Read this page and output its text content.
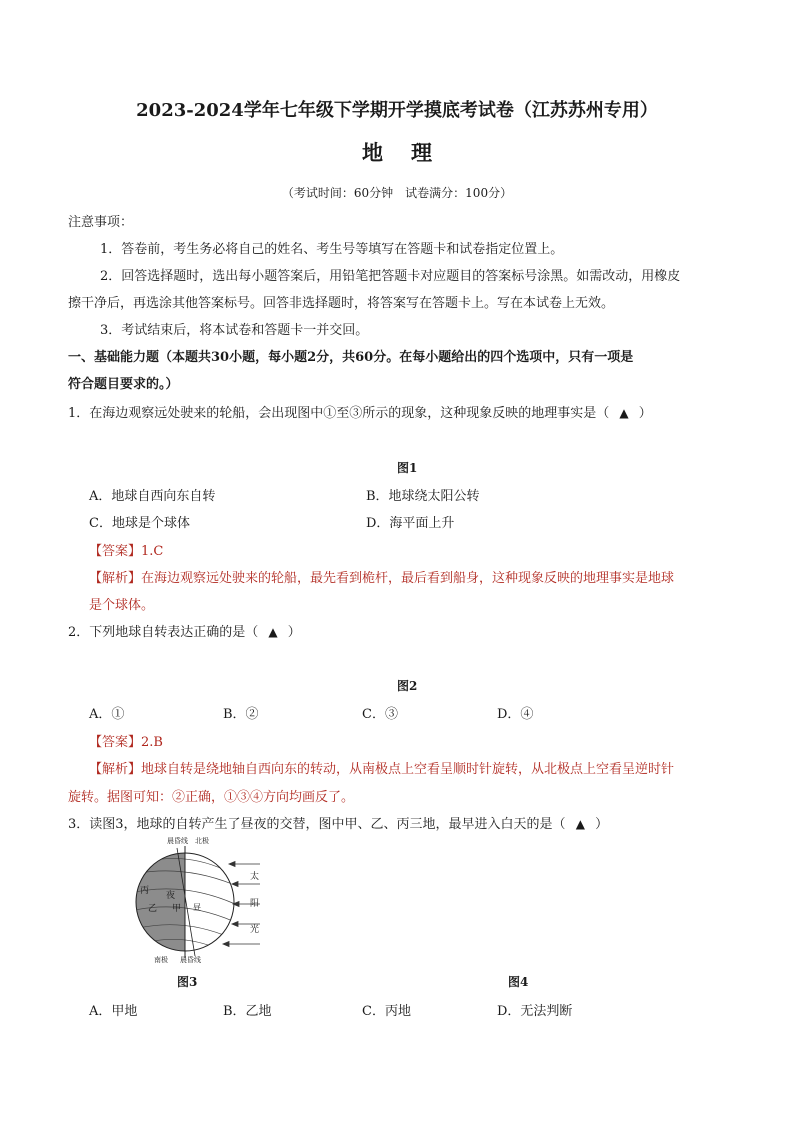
2023-2024学年七年级下学期开学摸底考试卷（江苏苏州专用）
地理
（考试时间：60分钟　试卷满分：100分）
注意事项：
1．答卷前，考生务必将自己的姓名、考生号等填写在答题卡和试卷指定位置上。
2．回答选择题时，选出每小题答案后，用铅笔把答题卡对应题目的答案标号涂黑。如需改动，用橡皮
擦干净后，再选涂其他答案标号。回答非选择题时，将答案写在答题卡上。写在本试卷上无效。
3．考试结束后，将本试卷和答题卡一并交回。
一、基础能力题（本题共30小题，每小题2分，共60分。在每小题给出的四个选项中，只有一项是
符合题目要求的。）
1．在海边观察远处驶来的轮船，会出现图中①至③所示的现象，这种现象反映的地理事实是（ ▲ ）
图1
A．地球自西向东自转	B．地球绕太阳公转
C．地球是个球体	D．海平面上升
【答案】1.C
【解析】在海边观察远处驶来的轮船，最先看到桅杆，最后看到船身，这种现象反映的地理事实是地球
是个球体。
2．下列地球自转表达正确的是（ ▲ ）
图2
A．①	B．②	C．③	D．④
【答案】2.B
【解析】地球自转是绕地轴自西向东的转动，从南极点上空看呈顺时针旋转，从北极点上空看呈逆时针
旋转。据图可知：②正确，①③④方向均画反了。
3．读图3，地球的自转产生了昼夜的交替，图中甲、乙、丙三地，最早进入白天的是（ ▲ ）
晨昏线 北极
南极 晨昏线
丙 夜
乙 甲 昼
太
阳
光
图3	图4
A．甲地	B．乙地	C．丙地	D．无法判断
